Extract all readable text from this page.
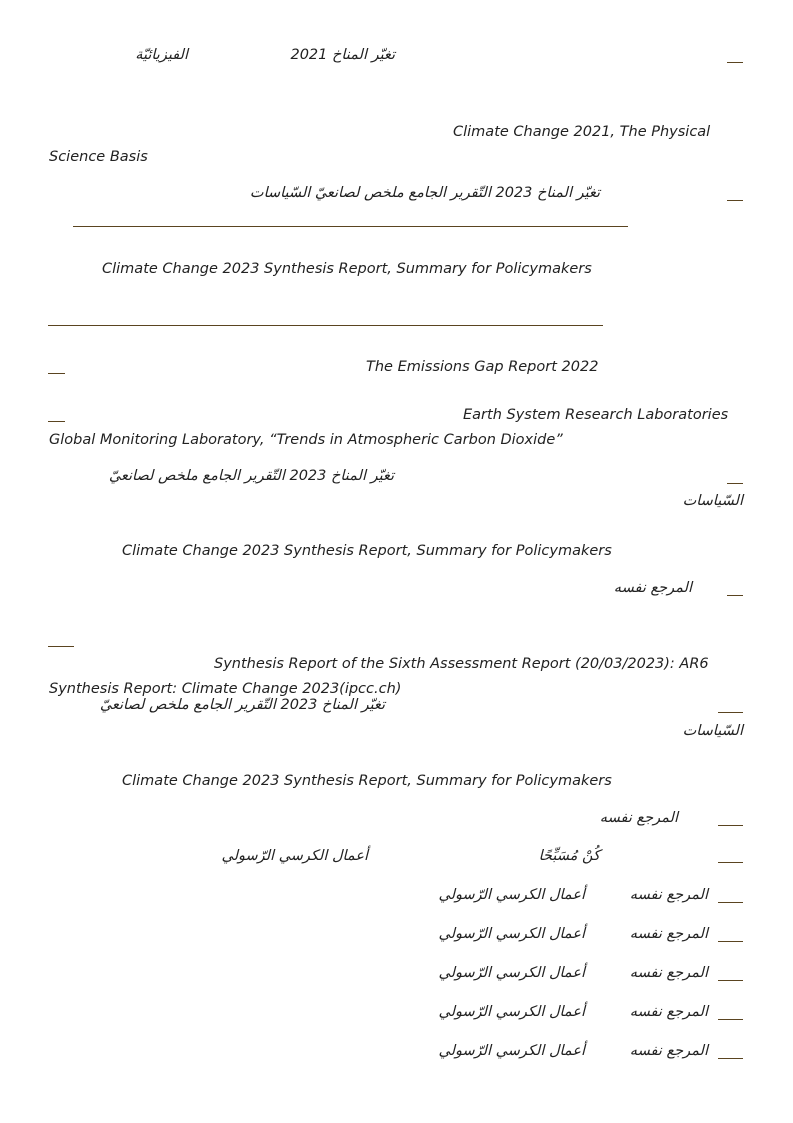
تغيّر المناخ 2021
الفيزيائيّة
Climate Change 2021, The Physical
Science Basis
تغيّر المناخ 2023 التّقرير الجامع ملخص لصانعيّ السّياسات
Climate Change 2023 Synthesis Report, Summary for Policymakers
The Emissions Gap Report 2022
Earth System Research Laboratories
Global Monitoring Laboratory, “Trends in Atmospheric Carbon Dioxide”
تغيّر المناخ 2023 التّقرير الجامع ملخص لصانعيّ
السّياسات
Climate Change 2023 Synthesis Report, Summary for Policymakers
المرجع نفسه
Synthesis Report of the Sixth Assessment Report (20/03/2023): AR6
Synthesis Report: Climate Change 2023(ipcc.ch)
تغيّر المناخ 2023 التّقرير الجامع ملخص لصانعيّ
السّياسات
Climate Change 2023 Synthesis Report, Summary for Policymakers
المرجع نفسه
كُنْ مُسَبِّحًا
أعمال الكرسي الرّسولي
المرجع نفسه
أعمال الكرسي الرّسولي
المرجع نفسه
أعمال الكرسي الرّسولي
المرجع نفسه
أعمال الكرسي الرّسولي
المرجع نفسه
أعمال الكرسي الرّسولي
المرجع نفسه
أعمال الكرسي الرّسولي
